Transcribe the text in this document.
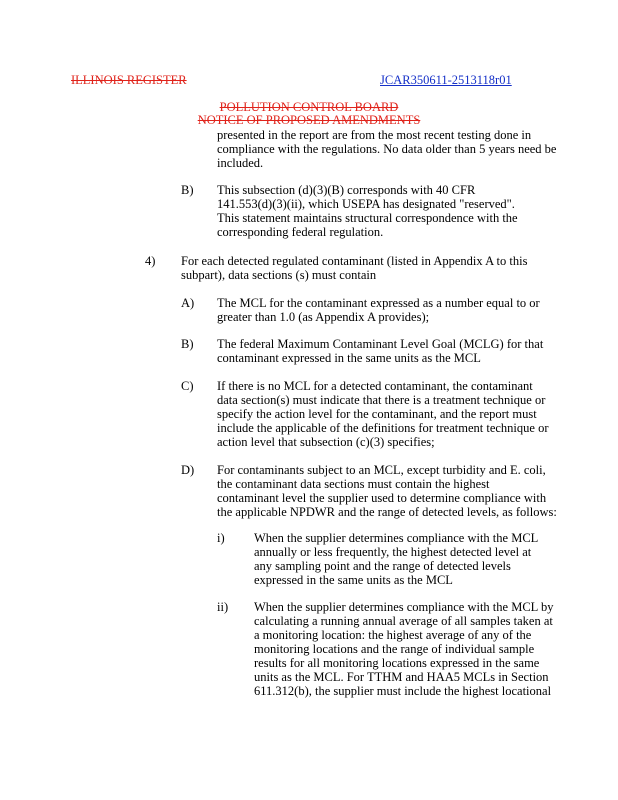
ILLINOIS REGISTER	JCAR350611-2513118r01
POLLUTION CONTROL BOARD
NOTICE OF PROPOSED AMENDMENTS
presented in the report are from the most recent testing done in
compliance with the regulations. No data older than 5 years need be
included.
B) This subsection (d)(3)(B) corresponds with 40 CFR
141.553(d)(3)(ii), which USEPA has designated "reserved".
This statement maintains structural correspondence with the
corresponding federal regulation.
4) For each detected regulated contaminant (listed in Appendix A to this
subpart), data sections (s) must contain
A) The MCL for the contaminant expressed as a number equal to or
greater than 1.0 (as Appendix A provides);
B) The federal Maximum Contaminant Level Goal (MCLG) for that
contaminant expressed in the same units as the MCL
C) If there is no MCL for a detected contaminant, the contaminant
data section(s) must indicate that there is a treatment technique or
specify the action level for the contaminant, and the report must
include the applicable of the definitions for treatment technique or
action level that subsection (c)(3) specifies;
D) For contaminants subject to an MCL, except turbidity and E. coli,
the contaminant data sections must contain the highest
contaminant level the supplier used to determine compliance with
the applicable NPDWR and the range of detected levels, as follows:
i) When the supplier determines compliance with the MCL
annually or less frequently, the highest detected level at
any sampling point and the range of detected levels
expressed in the same units as the MCL
ii) When the supplier determines compliance with the MCL by
calculating a running annual average of all samples taken at
a monitoring location: the highest average of any of the
monitoring locations and the range of individual sample
results for all monitoring locations expressed in the same
units as the MCL. For TTHM and HAA5 MCLs in Section
611.312(b), the supplier must include the highest locational
